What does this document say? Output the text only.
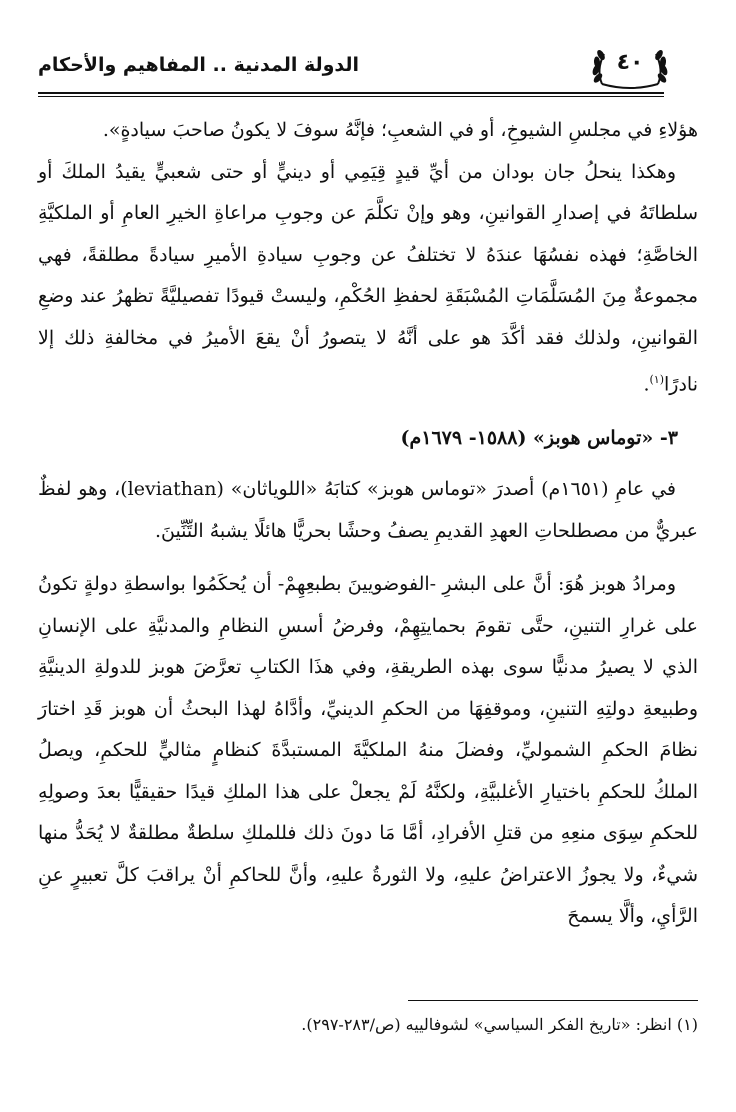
الدولة المدنية .. المفاهيم والأحكام	٤٠

هؤلاءِ في مجلسِ الشيوخِ، أو في الشعبِ؛ فإنَّهُ سوفَ لا يكونُ صاحبَ سيادةٍ».

وهكذا ينحلُ جان بودان من أيِّ قيدٍ قِيَمِي أو دينيٍّ أو حتى شعبيٍّ يقيدُ الملكَ أو سلطاتَهُ في إصدارِ القوانينِ، وهو وإنْ تكلَّمَ عن وجوبِ مراعاةِ الخيرِ العامِ أو الملكيَّةِ الخاصَّةِ؛ فهذه نفسُهَا عندَهُ لا تختلفُ عن وجوبِ سيادةِ الأميرِ سيادةً مطلقةً، فهي مجموعةٌ مِنَ المُسَلَّمَاتِ المُسْبَقَةِ لحفظِ الحُكْمِ، وليستْ قيودًا تفصيليَّةً تظهرُ عند وضعِ القوانينِ، ولذلك فقد أكَّدَ هو على أنَّهُ لا يتصورُ أنْ يقعَ الأميرُ في مخالفةِ ذلك إلا نادرًا$^{(١)}$.

٣- «توماس هوبز» (١٥٨٨- ١٦٧٩م)

في عامِ (١٦٥١م) أصدرَ «توماس هوبز» كتابَهُ «اللوياثان» (leviathan)، وهو لفظٌ عبريٌّ من مصطلحاتِ العهدِ القديمِ يصفُ وحشًا بحريًّا هائلًا يشبهُ التِّنِّينَ.

ومرادُ هوبز هُوَ: أنَّ على البشرِ -الفوضويينَ بطبعِهِمْ- أن يُحكَمُوا بواسطةِ دولةٍ تكونُ على غرارِ التنينِ، حتَّى تقومَ بحمايتِهِمْ، وفرضُ أسسِ النظامِ والمدنيَّةِ على الإنسانِ الذي لا يصيرُ مدنيًّا سوى بهذه الطريقةِ، وفي هذَا الكتابِ تعرَّضَ هوبز للدولةِ الدينيَّةِ وطبيعةِ دولتِهِ التنينِ، وموقفِهَا من الحكمِ الدينيِّ، وأدَّاهُ لهذا البحثُ أن هوبز قَدِ اختارَ نظامَ الحكمِ الشموليِّ، وفضلَ منهُ الملكيَّةَ المستبدَّةَ كنظامٍ مثاليٍّ للحكمِ، ويصلُ الملكُ للحكمِ باختيارِ الأغلبيَّةِ، ولكنَّهُ لَمْ يجعلْ على هذا الملكِ قيدًا حقيقيًّا بعدَ وصولِهِ للحكمِ سِوَى منعِهِ من قتلِ الأفرادِ، أمَّا مَا دونَ ذلك فللملكِ سلطةٌ مطلقةٌ لا يُحَدُّ منها شيءٌ، ولا يجوزُ الاعتراضُ عليهِ، ولا الثورةُ عليهِ، وأنَّ للحاكمِ أنْ يراقبَ كلَّ تعبيرٍ عنِ الرَّأيِ، وألَّا يسمحَ

(١) انظر: «تاريخ الفكر السياسي» لشوفالييه (ص/٢٨٣-٢٩٧).
